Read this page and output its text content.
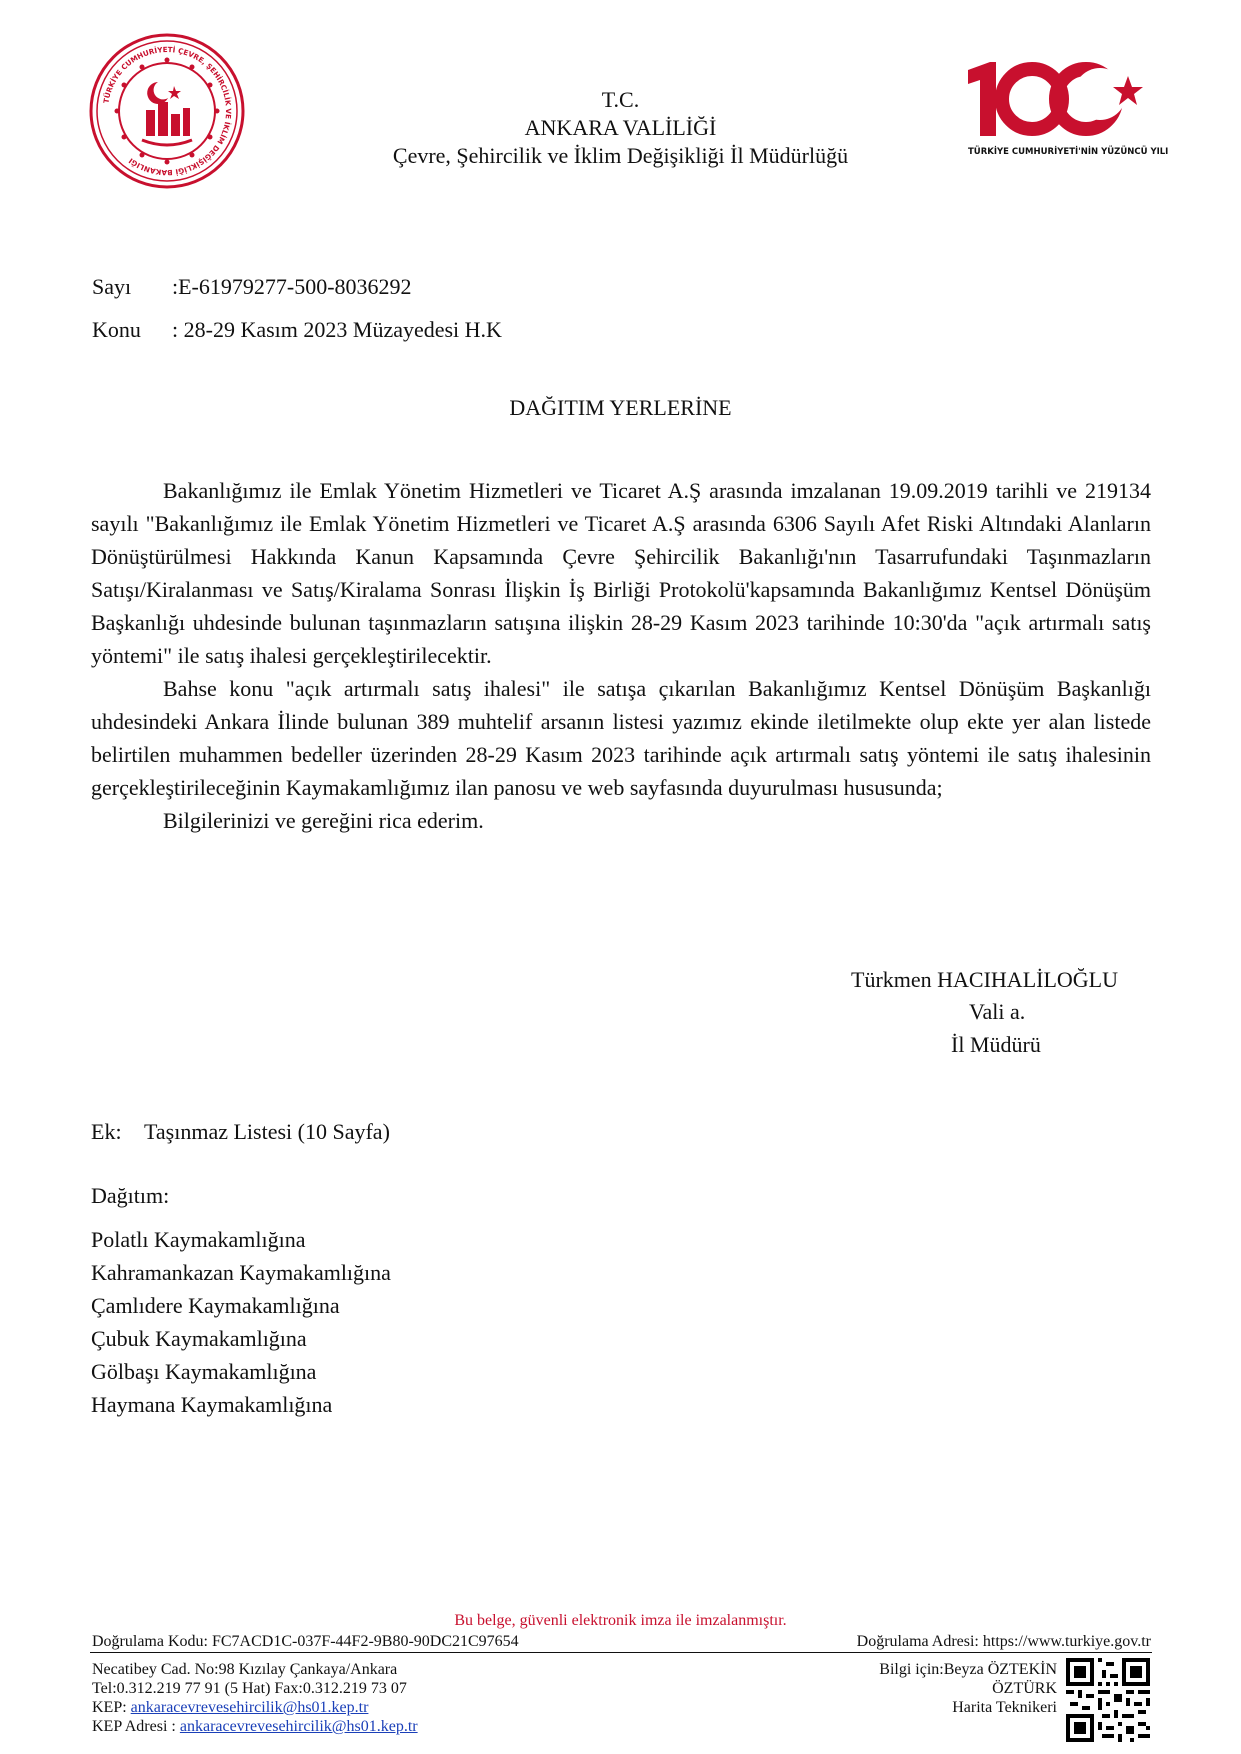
TÜRKİYE CUMHURİYETİ ÇEVRE, ŞEHİRCİLİK VE İKLİM DEĞİŞİKLİĞİ BAKANLIĞI
TÜRKİYE CUMHURİYETİ'NİN YÜZÜNCÜ YILI
T.C.
ANKARA VALİLİĞİ
Çevre, Şehircilik ve İklim Değişikliği İl Müdürlüğü
Sayı :E-61979277-500-8036292
Konu : 28-29 Kasım 2023 Müzayedesi H.K
DAĞITIM YERLERİNE

Bakanlığımız ile Emlak Yönetim Hizmetleri ve Ticaret A.Ş arasında imzalanan 19.09.2019 tarihli ve 219134 sayılı "Bakanlığımız ile Emlak Yönetim Hizmetleri ve Ticaret A.Ş arasında 6306 Sayılı Afet Riski Altındaki Alanların Dönüştürülmesi Hakkında Kanun Kapsamında Çevre Şehircilik Bakanlığı'nın Tasarrufundaki Taşınmazların Satışı/Kiralanması ve Satış/Kiralama Sonrası İlişkin İş Birliği Protokolü'kapsamında Bakanlığımız Kentsel Dönüşüm Başkanlığı uhdesinde bulunan taşınmazların satışına ilişkin 28-29 Kasım 2023 tarihinde 10:30'da "açık artırmalı satış yöntemi" ile satış ihalesi gerçekleştirilecektir.

Bahse konu "açık artırmalı satış ihalesi" ile satışa çıkarılan Bakanlığımız Kentsel Dönüşüm Başkanlığı uhdesindeki Ankara İlinde bulunan 389 muhtelif arsanın listesi yazımız ekinde iletilmekte olup ekte yer alan listede belirtilen muhammen bedeller üzerinden 28-29 Kasım 2023 tarihinde açık artırmalı satış yöntemi ile satış ihalesinin gerçekleştirileceğinin Kaymakamlığımız ilan panosu ve web sayfasında duyurulması hususunda;

Bilgilerinizi ve gereğini rica ederim.

Türkmen HACIHALİLOĞLU
Vali a.
İl Müdürü
Ek: Taşınmaz Listesi (10 Sayfa)
Dağıtım:
Polatlı Kaymakamlığına
Kahramankazan Kaymakamlığına
Çamlıdere Kaymakamlığına
Çubuk Kaymakamlığına
Gölbaşı Kaymakamlığına
Haymana Kaymakamlığına
Bu belge, güvenli elektronik imza ile imzalanmıştır.
Doğrulama Kodu: FC7ACD1C-037F-44F2-9B80-90DC21C97654	Doğrulama Adresi: https://www.turkiye.gov.tr
Necatibey Cad. No:98 Kızılay Çankaya/Ankara
Tel:0.312.219 77 91 (5 Hat) Fax:0.312.219 73 07
KEP: ankaracevrevesehircilik@hs01.kep.tr
KEP Adresi : ankaracevrevesehircilik@hs01.kep.tr
Bilgi için:Beyza ÖZTEKİN
ÖZTÜRK
Harita Teknikeri
